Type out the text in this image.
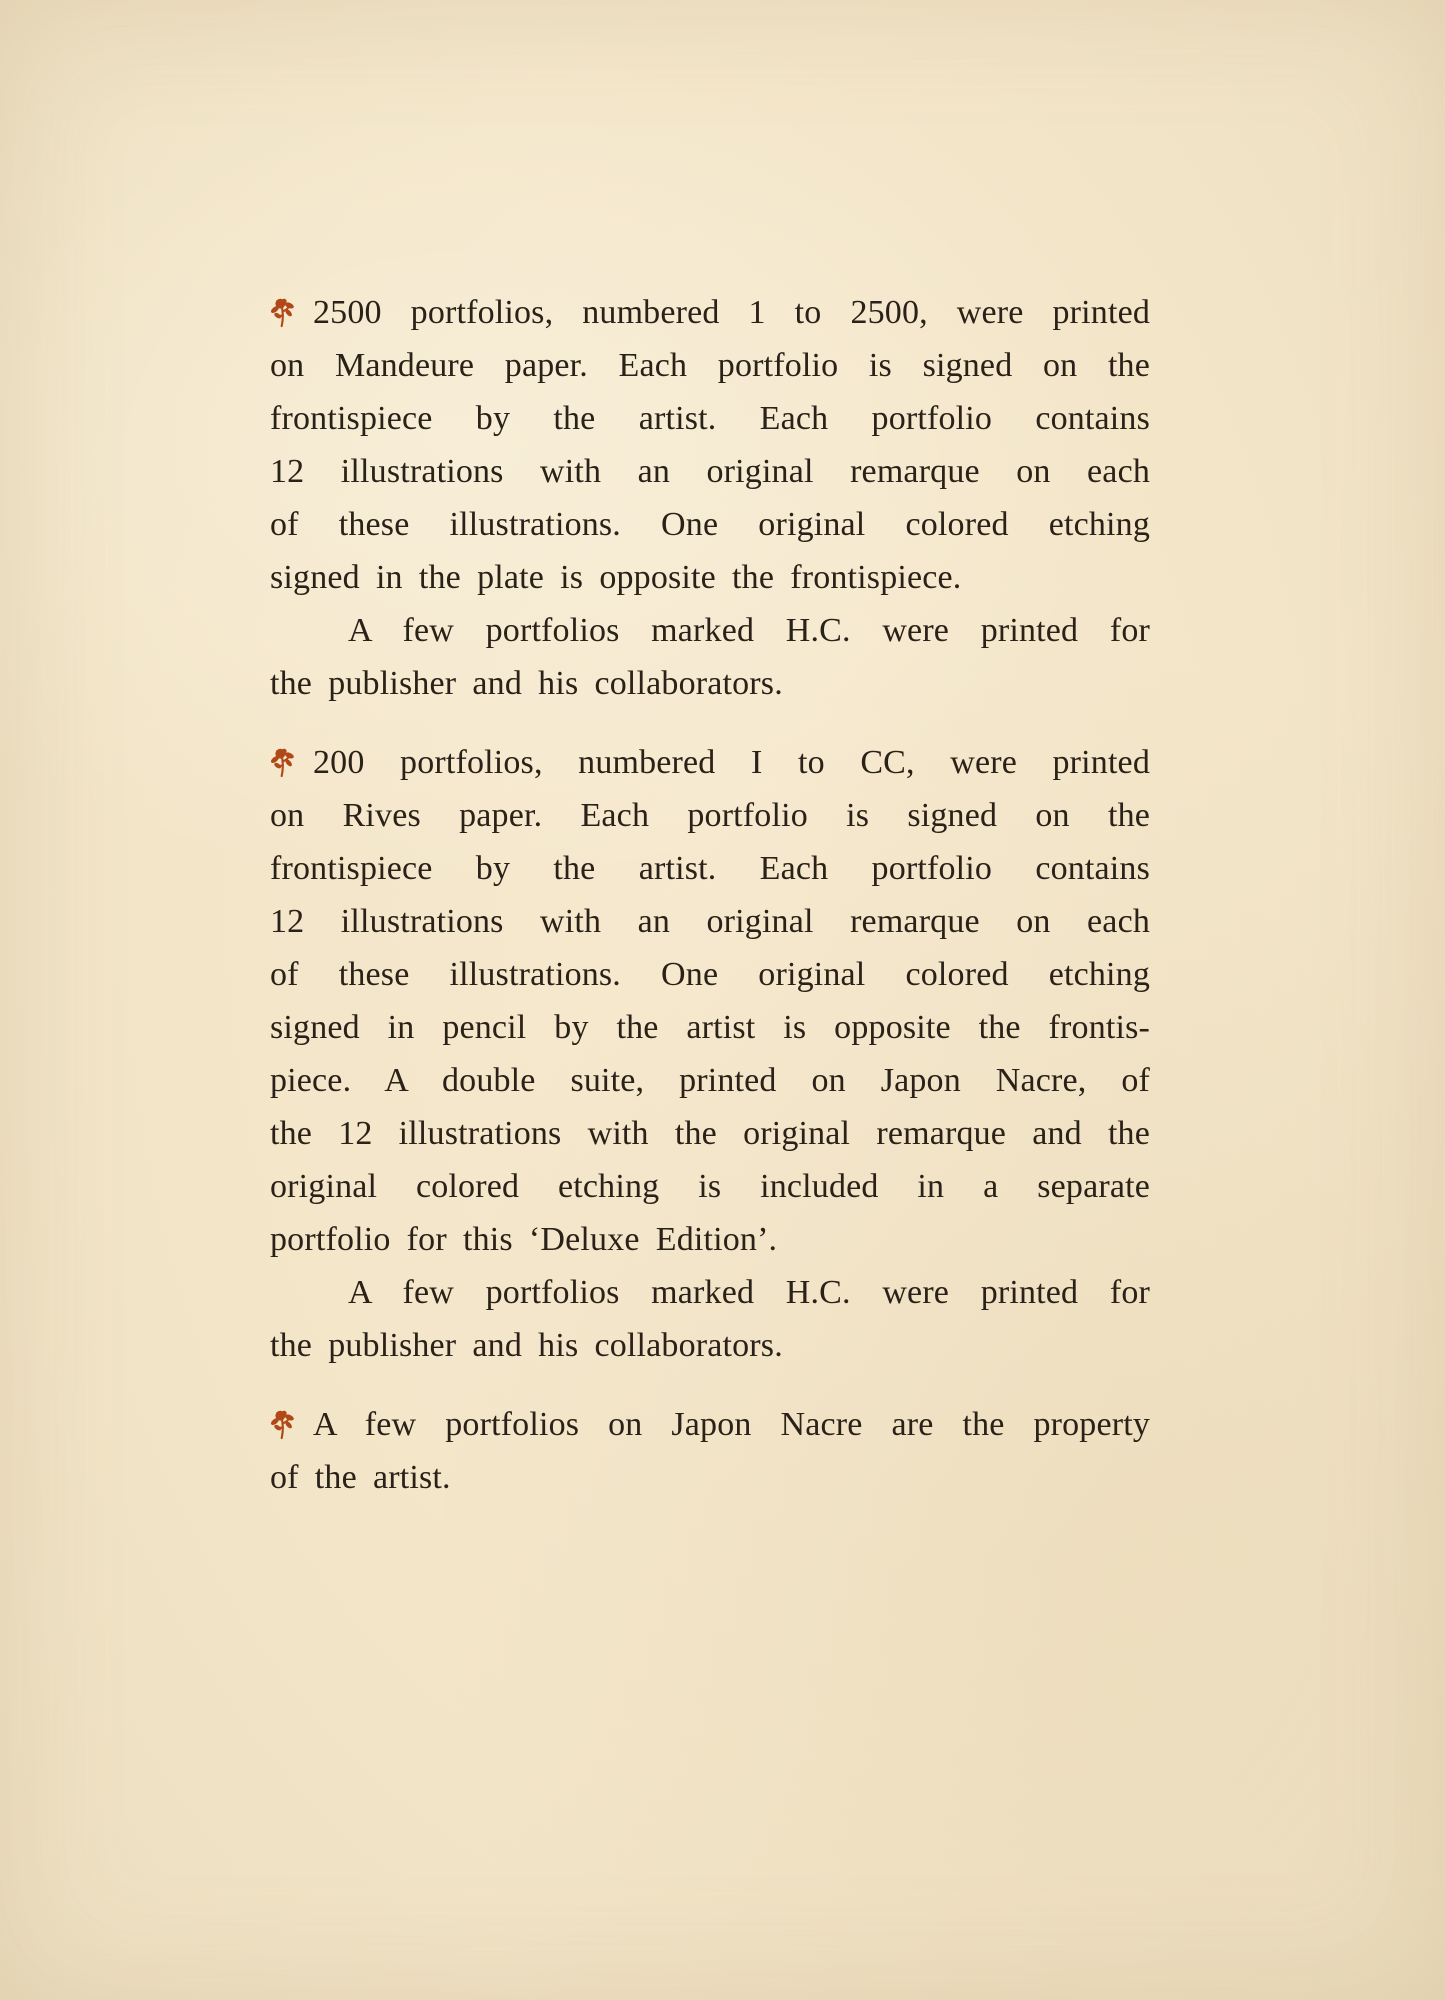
2500 portfolios, numbered 1 to 2500, were printed
on Mandeure paper. Each portfolio is signed on the
frontispiece by the artist. Each portfolio contains
12 illustrations with an original remarque on each
of these illustrations. One original colored etching
signed in the plate is opposite the frontispiece.
A few portfolios marked H.C. were printed for
the publisher and his collaborators.
200 portfolios, numbered I to CC, were printed
on Rives paper. Each portfolio is signed on the
frontispiece by the artist. Each portfolio contains
12 illustrations with an original remarque on each
of these illustrations. One original colored etching
signed in pencil by the artist is opposite the frontis-
piece. A double suite, printed on Japon Nacre, of
the 12 illustrations with the original remarque and the
original colored etching is included in a separate
portfolio for this ‘Deluxe Edition’.
A few portfolios marked H.C. were printed for
the publisher and his collaborators.
A few portfolios on Japon Nacre are the property
of the artist.
